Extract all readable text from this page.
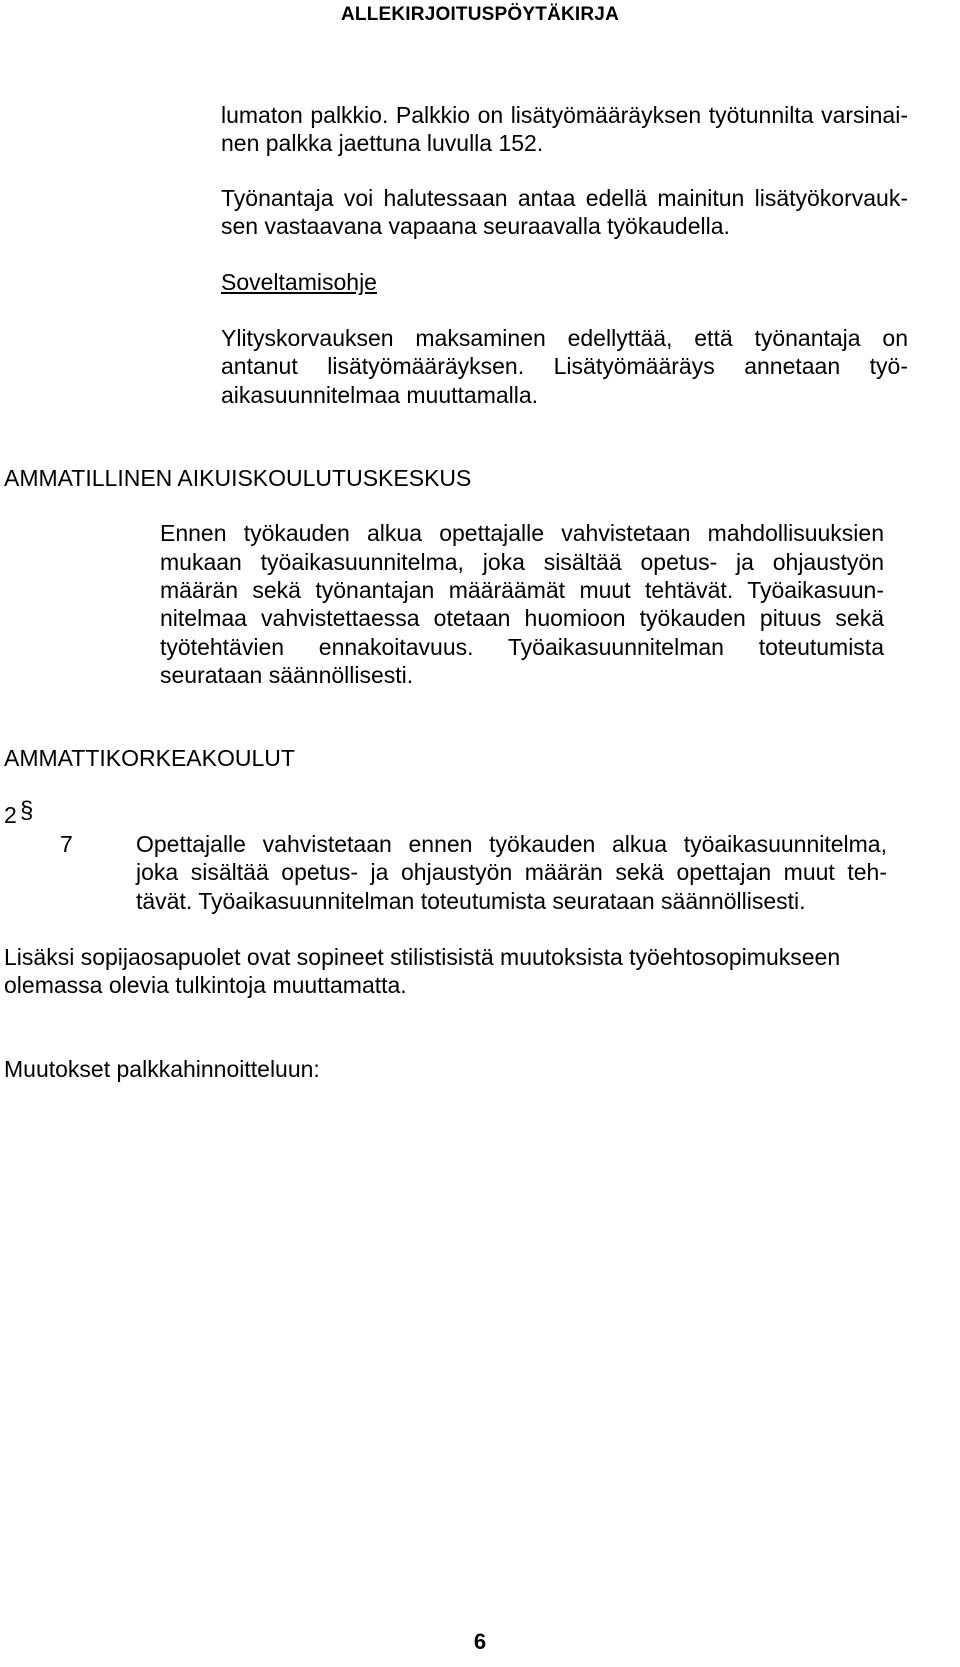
ALLEKIRJOITUSPÖYTÄKIRJA
lumaton palkkio. Palkkio on lisätyömääräyksen työtunnilta varsinai-
nen palkka jaettuna luvulla 152.
Työnantaja voi halutessaan antaa edellä mainitun lisätyökorvauk-
sen vastaavana vapaana seuraavalla työkaudella.
Soveltamisohje
Ylityskorvauksen maksaminen edellyttää, että työnantaja on
antanut lisätyömääräyksen. Lisätyömääräys annetaan työ-
aikasuunnitelmaa muuttamalla.
AMMATILLINEN AIKUISKOULUTUSKESKUS
Ennen työkauden alkua opettajalle vahvistetaan mahdollisuuksien
mukaan työaikasuunnitelma, joka sisältää opetus- ja ohjaustyön
määrän sekä työnantajan määräämät muut tehtävät. Työaikasuun-
nitelmaa vahvistettaessa otetaan huomioon työkauden pituus sekä
työtehtävien ennakoitavuus. Työaikasuunnitelman toteutumista
seurataan säännöllisesti.
AMMATTIKORKEAKOULUT
2 §
7	Opettajalle vahvistetaan ennen työkauden alkua työaikasuunnitelma,
joka sisältää opetus- ja ohjaustyön määrän sekä opettajan muut teh-
tävät. Työaikasuunnitelman toteutumista seurataan säännöllisesti.
Lisäksi sopijaosapuolet ovat sopineet stilistisistä muutoksista työehtosopimukseen
olemassa olevia tulkintoja muuttamatta.
Muutokset palkkahinnoitteluun:
6
